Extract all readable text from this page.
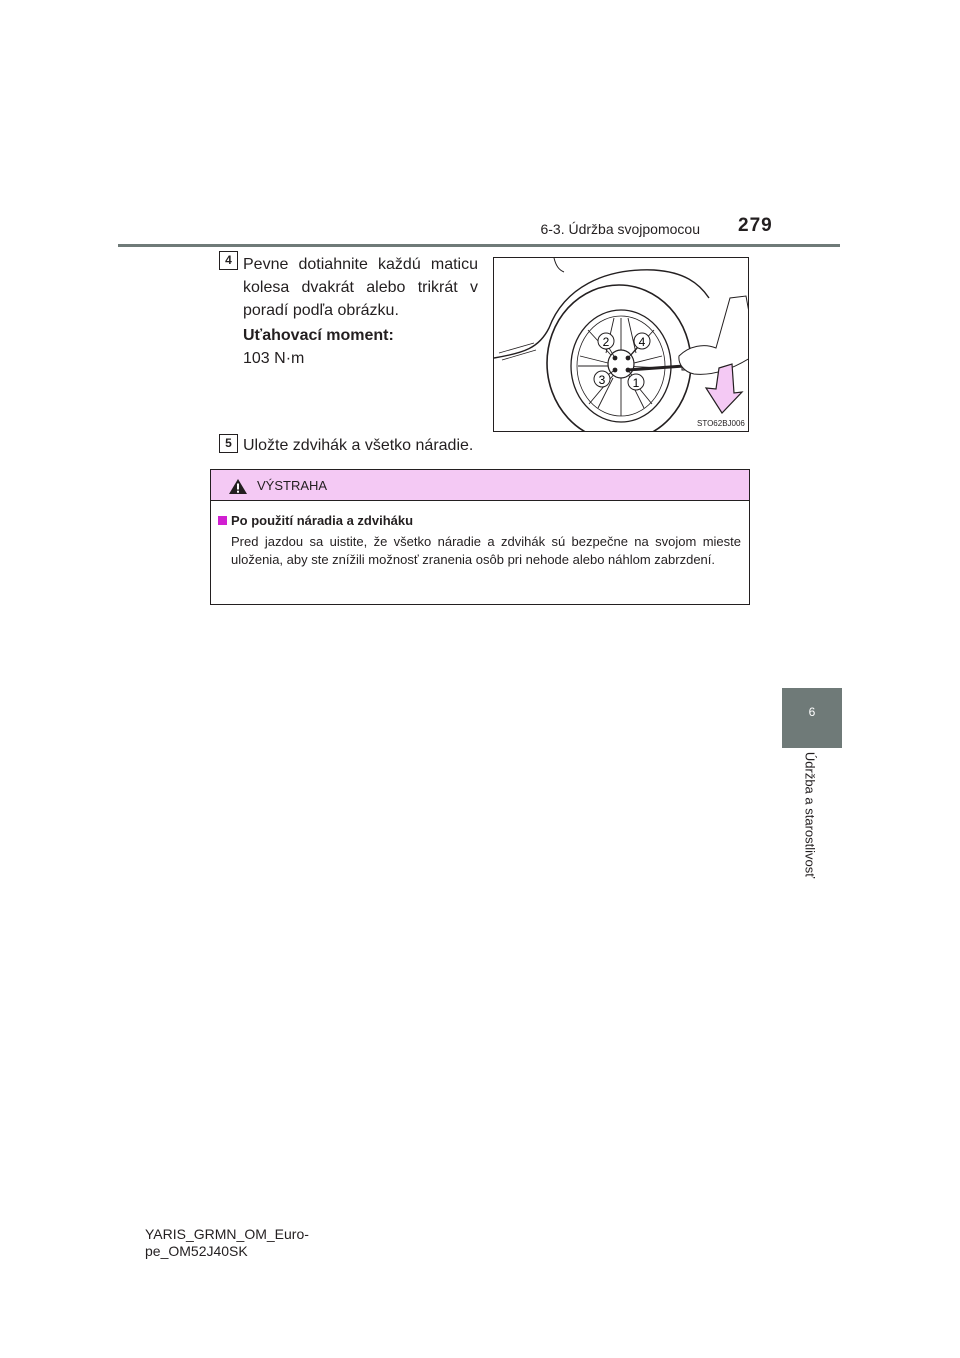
6-3. Údržba svojpomocou 279
6
Údržba a starostlivosť
4 Pevne dotiahnite každú maticu kolesa dvakrát alebo trikrát v poradí podľa obrázku.
Uťahovací moment:
103 N·m
2 4
3 1
STO62BJ006
5 Uložte zdvihák a všetko náradie.
VÝSTRAHA
Po použití náradia a zdviháku
Pred jazdou sa uistite, že všetko náradie a zdvihák sú bezpečne na svojom mieste uloženia, aby ste znížili možnosť zranenia osôb pri nehode alebo náhlom zabrzdení.
YARIS_GRMN_OM_Euro-
pe_OM52J40SK
